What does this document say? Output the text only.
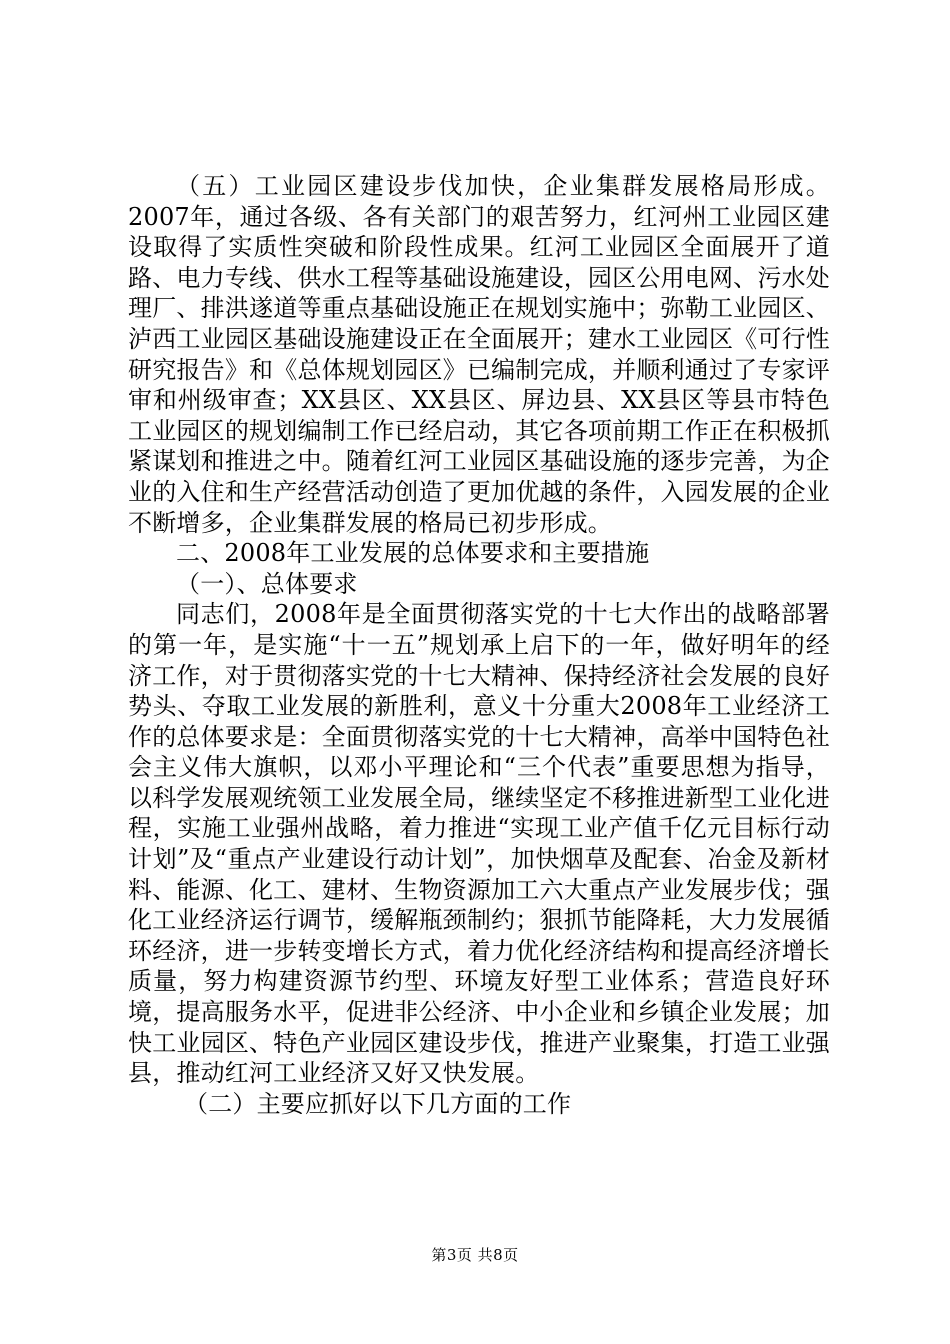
（五）工业园区建设步伐加快，企业集群发展格局形成。2007年，通过各级、各有关部门的艰苦努力，红河州工业园区建设取得了实质性突破和阶段性成果。红河工业园区全面展开了道路、电力专线、供水工程等基础设施建设，园区公用电网、污水处理厂、排洪遂道等重点基础设施正在规划实施中；弥勒工业园区、泸西工业园区基础设施建设正在全面展开；建水工业园区《可行性研究报告》和《总体规划园区》已编制完成，并顺利通过了专家评审和州级审查；XX县区、XX县区、屏边县、XX县区等县市特色工业园区的规划编制工作已经启动，其它各项前期工作正在积极抓紧谋划和推进之中。随着红河工业园区基础设施的逐步完善，为企业的入住和生产经营活动创造了更加优越的条件，入园发展的企业不断增多，企业集群发展的格局已初步形成。

二、2008年工业发展的总体要求和主要措施

（一）、总体要求

同志们，2008年是全面贯彻落实党的十七大作出的战略部署的第一年，是实施“十一五”规划承上启下的一年，做好明年的经济工作，对于贯彻落实党的十七大精神、保持经济社会发展的良好势头、夺取工业发展的新胜利，意义十分重大2008年工业经济工作的总体要求是：全面贯彻落实党的十七大精神，高举中国特色社会主义伟大旗帜，以邓小平理论和“三个代表”重要思想为指导，以科学发展观统领工业发展全局，继续坚定不移推进新型工业化进程，实施工业强州战略，着力推进“实现工业产值千亿元目标行动计划”及“重点产业建设行动计划”，加快烟草及配套、冶金及新材料、能源、化工、建材、生物资源加工六大重点产业发展步伐；强化工业经济运行调节，缓解瓶颈制约；狠抓节能降耗，大力发展循环经济，进一步转变增长方式，着力优化经济结构和提高经济增长质量，努力构建资源节约型、环境友好型工业体系；营造良好环境，提高服务水平，促进非公经济、中小企业和乡镇企业发展；加快工业园区、特色产业园区建设步伐，推进产业聚集，打造工业强县，推动红河工业经济又好又快发展。

（二）主要应抓好以下几方面的工作

第3页 共8页
